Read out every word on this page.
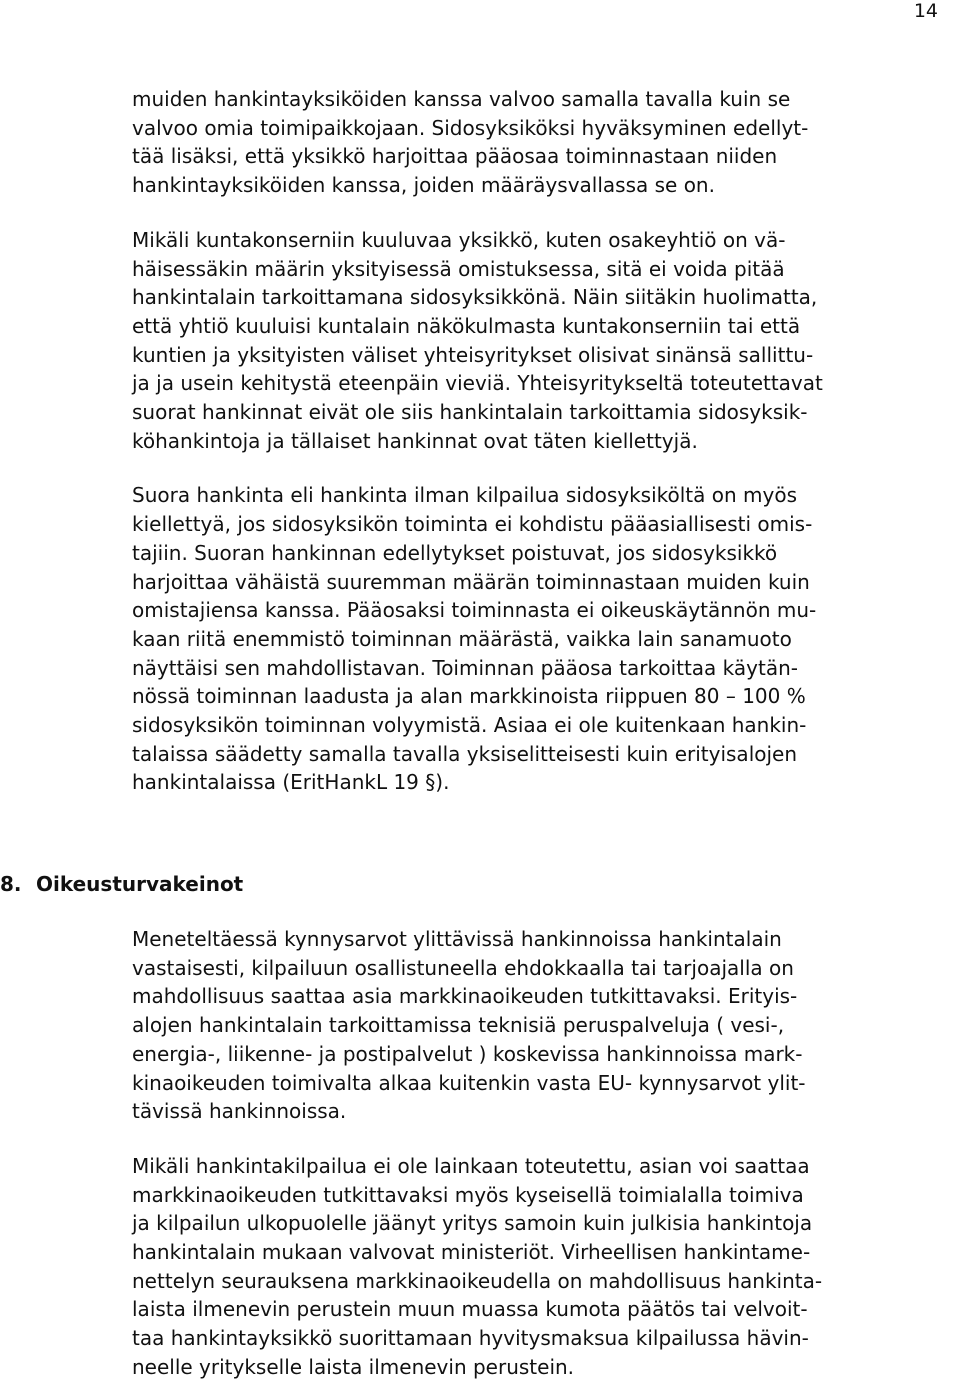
14

muiden hankintayksiköiden kanssa valvoo samalla tavalla kuin se

valvoo omia toimipaikkojaan. Sidosyksiköksi hyväksyminen edellyt-

tää lisäksi, että yksikkö harjoittaa pääosaa toiminnastaan niiden

hankintayksiköiden kanssa, joiden määräysvallassa se on.

Mikäli kuntakonserniin kuuluvaa yksikkö, kuten osakeyhtiö on vä-

häisessäkin määrin yksityisessä omistuksessa, sitä ei voida pitää

hankintalain tarkoittamana sidosyksikkönä. Näin siitäkin huolimatta,

että yhtiö kuuluisi kuntalain näkökulmasta kuntakonserniin tai että

kuntien ja yksityisten väliset yhteisyritykset olisivat sinänsä sallittu-

ja ja usein kehitystä eteenpäin vieviä. Yhteisyritykseltä toteutettavat

suorat hankinnat eivät ole siis hankintalain tarkoittamia sidosyksik-

köhankintoja ja tällaiset hankinnat ovat täten kiellettyjä.

Suora hankinta eli hankinta ilman kilpailua sidosyksiköltä on myös

kiellettyä, jos sidosyksikön toiminta ei kohdistu pääasiallisesti omis-

tajiin. Suoran hankinnan edellytykset poistuvat, jos sidosyksikkö

harjoittaa vähäistä suuremman määrän toiminnastaan muiden kuin

omistajiensa kanssa. Pääosaksi toiminnasta ei oikeuskäytännön mu-

kaan riitä enemmistö toiminnan määrästä, vaikka lain sanamuoto

näyttäisi sen mahdollistavan. Toiminnan pääosa tarkoittaa käytän-

nössä toiminnan laadusta ja alan markkinoista riippuen 80 – 100 %

sidosyksikön toiminnan volyymistä. Asiaa ei ole kuitenkaan hankin-

talaissa säädetty samalla tavalla yksiselitteisesti kuin erityisalojen

hankintalaissa (EritHankL 19 §).

8. Oikeusturvakeinot

Meneteltäessä kynnysarvot ylittävissä hankinnoissa hankintalain

vastaisesti, kilpailuun osallistuneella ehdokkaalla tai tarjoajalla on

mahdollisuus saattaa asia markkinaoikeuden tutkittavaksi. Erityis-

alojen hankintalain tarkoittamissa teknisiä peruspalveluja ( vesi-,

energia-, liikenne- ja postipalvelut ) koskevissa hankinnoissa mark-

kinaoikeuden toimivalta alkaa kuitenkin vasta EU- kynnysarvot ylit-

tävissä hankinnoissa.

Mikäli hankintakilpailua ei ole lainkaan toteutettu, asian voi saattaa

markkinaoikeuden tutkittavaksi myös kyseisellä toimialalla toimiva

ja kilpailun ulkopuolelle jäänyt yritys samoin kuin julkisia hankintoja

hankintalain mukaan valvovat ministeriöt. Virheellisen hankintame-

nettelyn seurauksena markkinaoikeudella on mahdollisuus hankinta-

laista ilmenevin perustein muun muassa kumota päätös tai velvoit-

taa hankintayksikkö suorittamaan hyvitysmaksua kilpailussa hävin-

neelle yritykselle laista ilmenevin perustein.
